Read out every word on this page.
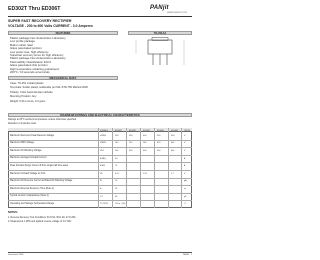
ED302T Thru ED306T	PANjit
SEMICONDUCTOR
SUPER FAST RECOVERY RECTIFIER
VOLTAGE - 200 to 600 Volts CURRENT - 3.0 Amperes
FEATURES
Plastic package has Underwriters Laboratory
Low profile package
Built-in strain relief
Glass passivated junction
Low power loss, high efficiency
Superfast recovery times for high efficiency
Plastic package has Underwriters Laboratory
Flammability Classification 94V-0
Glass passivated chip junction
High temperature soldering guaranteed:
260°C / 10 seconds at terminals
TO-251AA
MECHANICAL DATA
Case: TO-251 molded plastic
Terminals: Solder plated, solderable per MIL-STD-750 Method 2026
Polarity: Color band denotes cathode
Mounting Position: Any
Weight: 0.011 ounce, 0.3 gram
MAXIMUM RATINGS AND ELECTRICAL CHARACTERISTICS
Ratings at 25°C ambient temperature unless otherwise specified.
Resistive or inductive load.
SYMBOL	ED302T	ED303T	ED304T	ED305T	ED306T	UNITS
Maximum Recurrent Peak Reverse Voltage	VRRM	200	300	400	500	600	V
Maximum RMS Voltage	VRMS	140	210	280	350	420	V
Maximum DC Blocking Voltage	VDC	200	300	400	500	600	V
Maximum Average Forward Current	IF(AV)	3.0	A
Peak Forward Surge Current 8.3ms single half sine-wave	IFSM	75	A
Maximum Forward Voltage at 3.0A	VF	0.95	1.25	1.7	V
Maximum DC Reverse Current at Rated DC Blocking Voltage	IR	10	μA
Maximum Reverse Recovery Time (Note 1)	trr	35	ns
Typical Junction Capacitance (Note 2)	CJ	40	pF
Operating and Storage Temperature Range	TJ,TSTG	-55 to +150	°C
NOTES:
1. Reverse Recovery Test Conditions: IF=0.5A, IR=1.0A, Irr=0.25A
2. Measured at 1 MHz and applied reverse voltage of 4.0 VDC
Datasheet 2005	PAGE . 1
